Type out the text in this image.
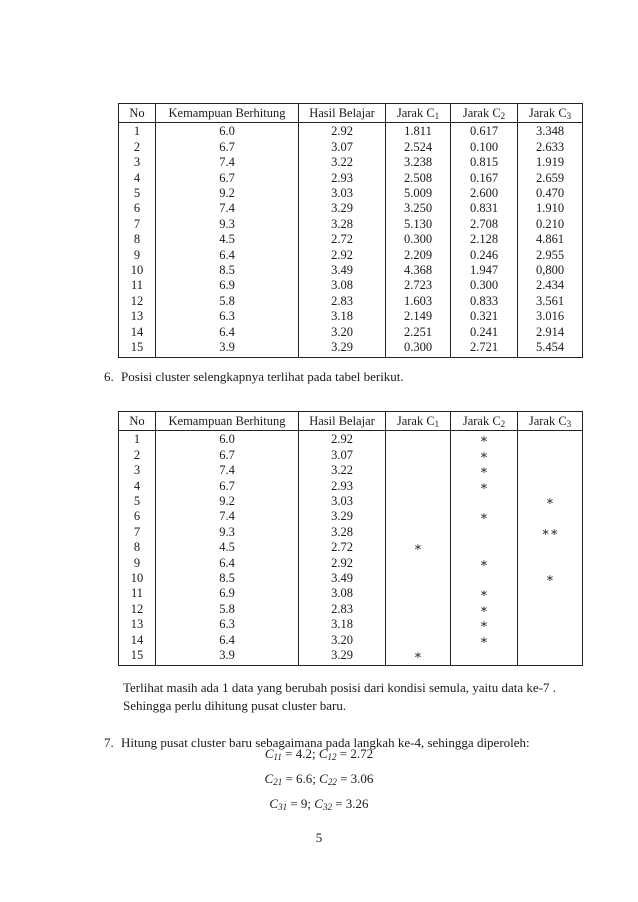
No	Kemampuan Berhitung	Hasil Belajar	Jarak $C_1$	Jarak $C_2$	Jarak $C_3$
1	6.0	2.92	1.811	0.617	3.348
2	6.7	3.07	2.524	0.100	2.633
3	7.4	3.22	3.238	0.815	1.919
4	6.7	2.93	2.508	0.167	2.659
5	9.2	3.03	5.009	2.600	0.470
6	7.4	3.29	3.250	0.831	1.910
7	9.3	3.28	5.130	2.708	0.210
8	4.5	2.72	0.300	2.128	4.861
9	6.4	2.92	2.209	0.246	2.955
10	8.5	3.49	4.368	1.947	0,800
11	6.9	3.08	2.723	0.300	2.434
12	5.8	2.83	1.603	0.833	3.561
13	6.3	3.18	2.149	0.321	3.016
14	6.4	3.20	2.251	0.241	2.914
15	3.9	3.29	0.300	2.721	5.454
6. Posisi cluster selengkapnya terlihat pada tabel berikut.
No	Kemampuan Berhitung	Hasil Belajar	Jarak $C_1$	Jarak $C_2$	Jarak $C_3$
1	6.0	2.92		∗	
2	6.7	3.07		∗	
3	7.4	3.22		∗	
4	6.7	2.93		∗	
5	9.2	3.03			∗
6	7.4	3.29		∗	
7	9.3	3.28			∗∗
8	4.5	2.72	∗		
9	6.4	2.92		∗	
10	8.5	3.49			∗
11	6.9	3.08		∗	
12	5.8	2.83		∗	
13	6.3	3.18		∗	
14	6.4	3.20		∗	
15	3.9	3.29	∗		
Terlihat masih ada 1 data yang berubah posisi dari kondisi semula, yaitu data ke-7 . Sehingga perlu dihitung pusat cluster baru.
7. Hitung pusat cluster baru sebagaimana pada langkah ke-4, sehingga diperoleh:
$C_{11} = 4.2$; $C_{12} = 2.72$
$C_{21} = 6.6$; $C_{22} = 3.06$
$C_{31} = 9$; $C_{32} = 3.26$
5
